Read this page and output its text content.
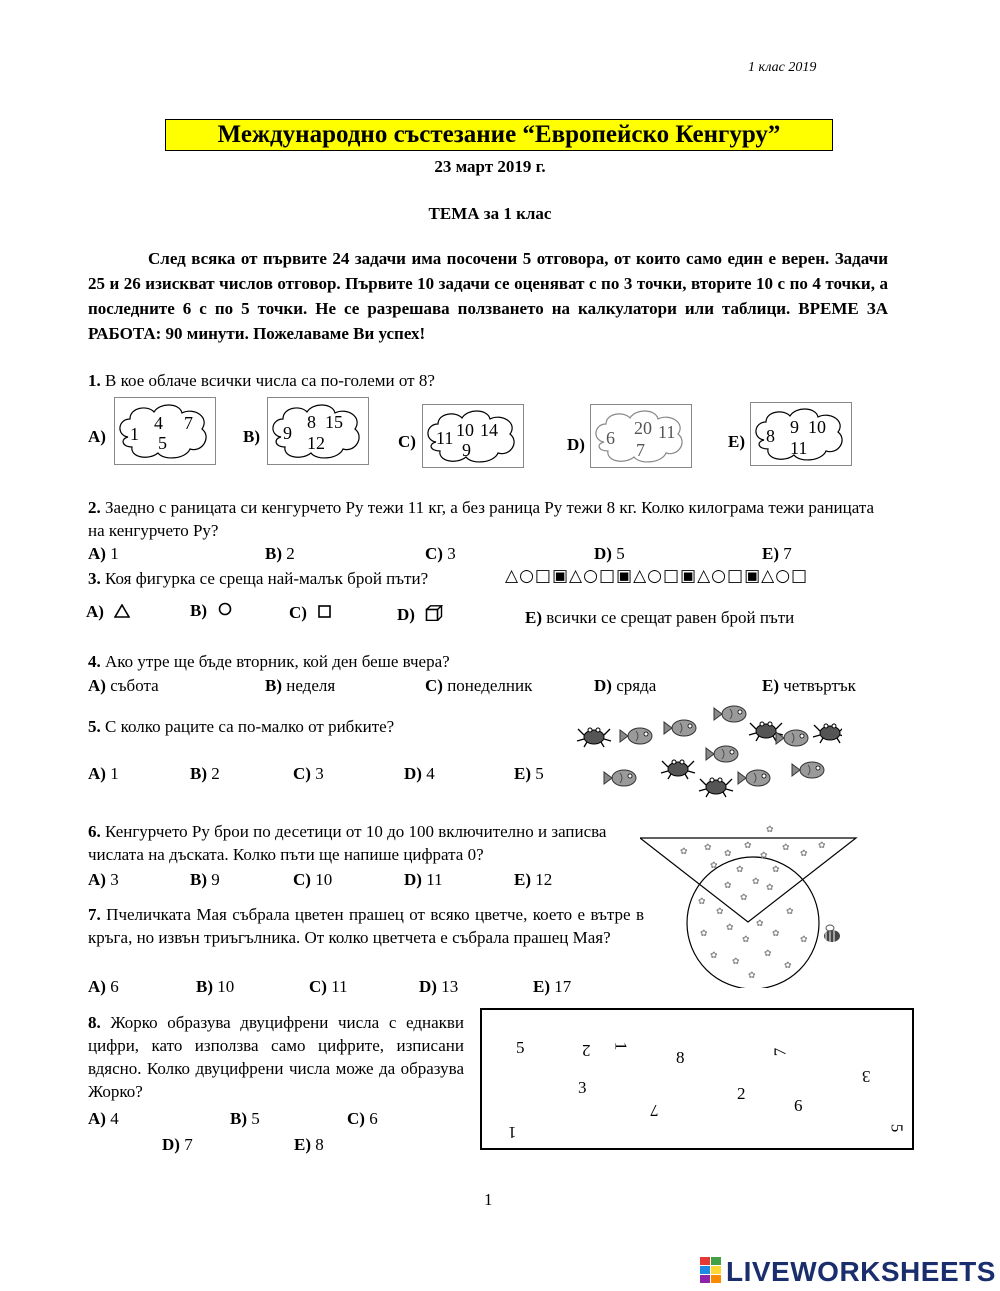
1 клас 2019
Международно състезание “Европейско Кенгуру”
23 март 2019 г.
ТЕМА за 1 клас
След всяка от първите 24 задачи има посочени 5 отговора, от които само един е верен. Задачи 25 и 26 изискват числов отговор. Първите 10 задачи се оценяват с по 3 точки, вторите 10 с по 4 точки, а последните 6 с по 5 точки. Не се разрешава ползването на калкулатори или таблици. ВРЕМЕ ЗА РАБОТА: 90 минути. Пожелаваме Ви успех!
1. В кое облаче всички числа са по-големи от 8?
A) 1
4 7
5	B) 9
8 15
12	C) 11 10 14
9	D) 6 20 11
7	E) 8 9 10
11
2. Заедно с раницата си кенгурчето Ру тежи 11 кг, а без раница Ру тежи 8 кг. Колко килограма тежи раницата на кенгурчето Ру?
A) 1	B) 2	C) 3	D) 5	E) 7
3. Коя фигурка се среща най-малък брой пъти?	△○□▣△○□▣△○□▣△○□▣△○□
A)	B)	C)	D)	E) всички се срещат равен брой пъти
4. Ако утре ще бъде вторник, кой ден беше вчера?
A) събота	B) неделя	C) понеделник	D) сряда	E) четвъртък
5. С колко раците са по-малко от рибките?
A) 1	B) 2	C) 3	D) 4	E) 5
6. Кенгурчето Ру брои по десетици от 10 до 100 включително и записва числата на дъската. Колко пъти ще напише цифрата 0?
A) 3	B) 9	C) 10	D) 11	E) 12
✿
✿ ✿
✿
✿
✿
✿
✿
✿
✿
✿
✿
✿
✿	✿
✿
✿
✿
✿
✿ ✿
✿
✿
✿
✿
✿
✿
✿
✿
✿
7. Пчеличката Мая събрала цветен прашец от всяко цветче, което е вътре в кръга, но извън триъгълника. От колко цветчета е събрала прашец Мая?
A) 6	B) 10	C) 11	D) 13	E) 17
8. Жорко образува двуцифрени числа с еднакви цифри, като използва само цифрите, изписани вдясно. Колко двуцифрени числа може да образува Жорко?
A) 4	B) 5	C) 6
D) 7	E) 8
5	2 1
8	7
3
3
7
2
6
1	5
1
LIVEWORKSHEETS
